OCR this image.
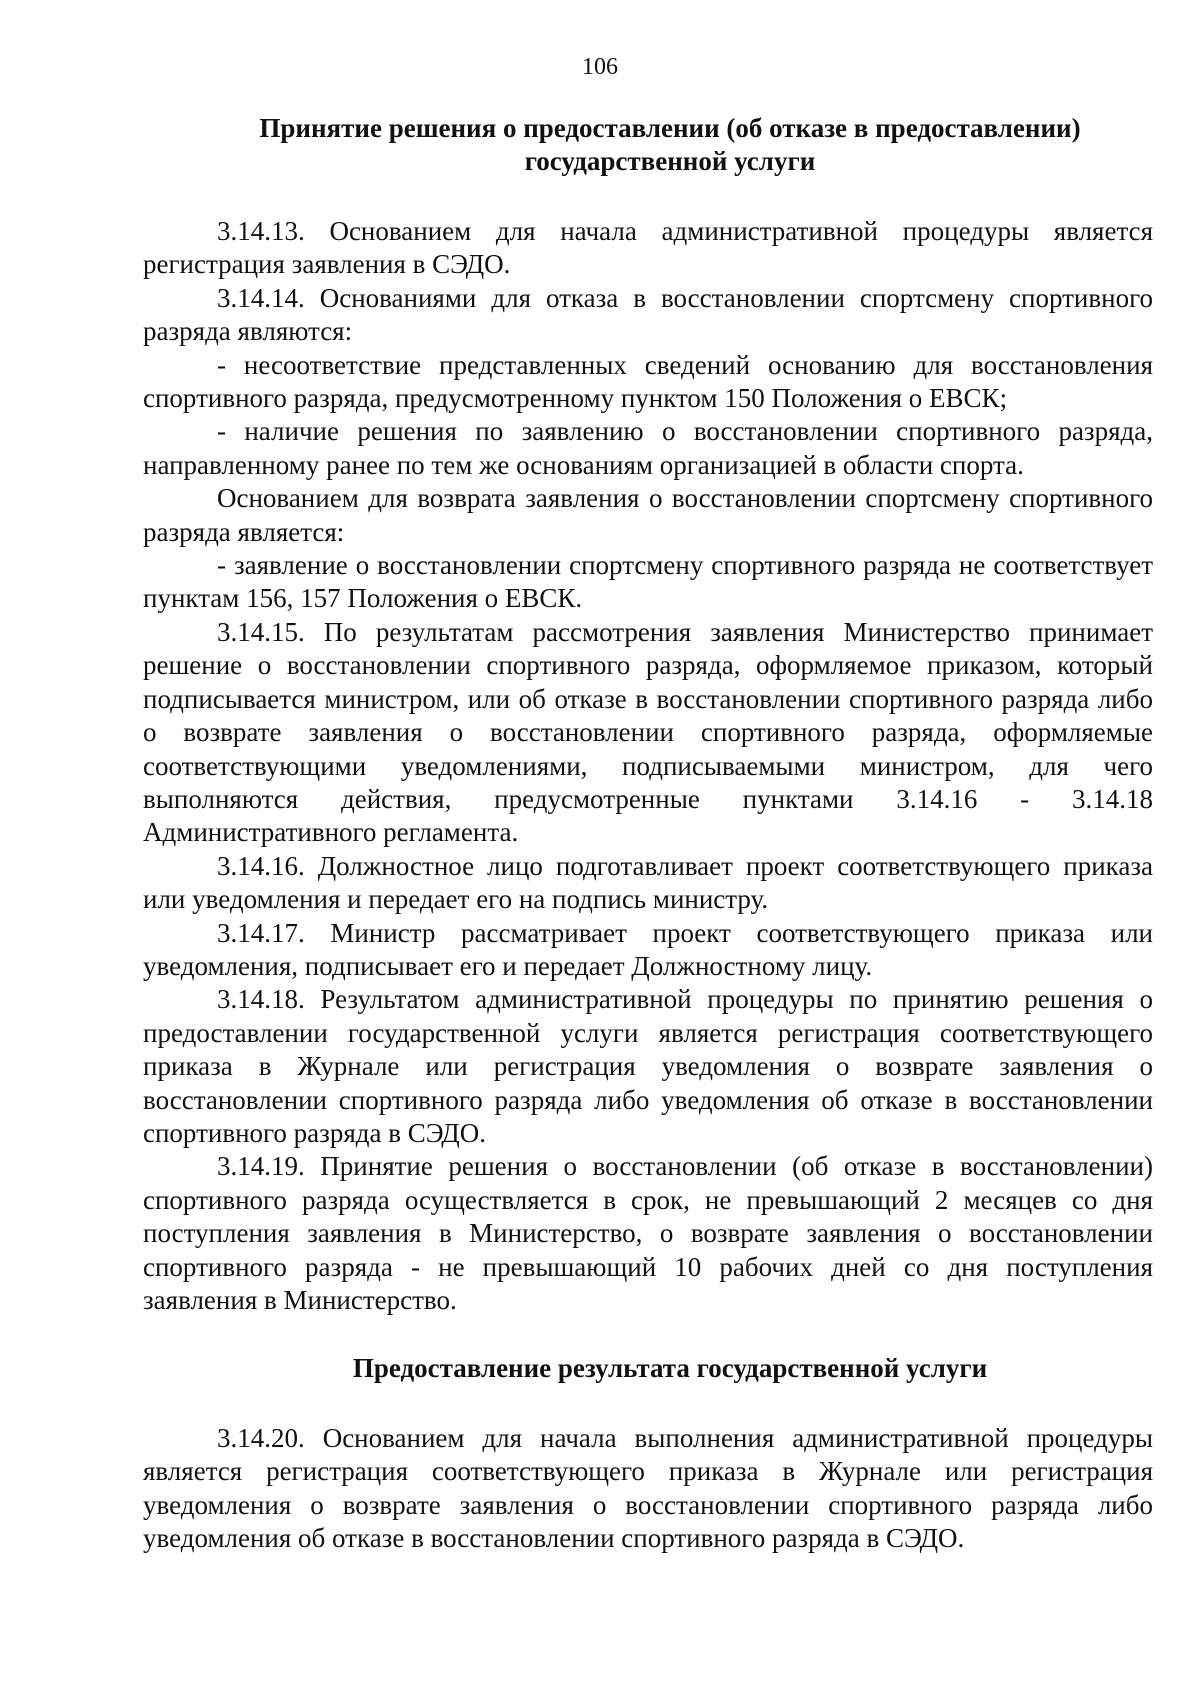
106
Принятие решения о предоставлении (об отказе в предоставлении) государственной услуги

3.14.13. Основанием для начала административной процедуры является регистрация заявления в СЭДО.

3.14.14. Основаниями для отказа в восстановлении спортсмену спортивного разряда являются:

- несоответствие представленных сведений основанию для восстановления спортивного разряда, предусмотренному пунктом 150 Положения о ЕВСК;

- наличие решения по заявлению о восстановлении спортивного разряда, направленному ранее по тем же основаниям организацией в области спорта.

Основанием для возврата заявления о восстановлении спортсмену спортивного разряда является:

- заявление о восстановлении спортсмену спортивного разряда не соответствует пунктам 156, 157 Положения о ЕВСК.

3.14.15. По результатам рассмотрения заявления Министерство принимает решение о восстановлении спортивного разряда, оформляемое приказом, который подписывается министром, или об отказе в восстановлении спортивного разряда либо о возврате заявления о восстановлении спортивного разряда, оформляемые соответствующими уведомлениями, подписываемыми министром, для чего выполняются действия, предусмотренные пунктами 3.14.16 - 3.14.18 Административного регламента.

3.14.16. Должностное лицо подготавливает проект соответствующего приказа или уведомления и передает его на подпись министру.

3.14.17. Министр рассматривает проект соответствующего приказа или уведомления, подписывает его и передает Должностному лицу.

3.14.18. Результатом административной процедуры по принятию решения о предоставлении государственной услуги является регистрация соответствующего приказа в Журнале или регистрация уведомления о возврате заявления о восстановлении спортивного разряда либо уведомления об отказе в восстановлении спортивного разряда в СЭДО.

3.14.19. Принятие решения о восстановлении (об отказе в восстановлении) спортивного разряда осуществляется в срок, не превышающий 2 месяцев со дня поступления заявления в Министерство, о возврате заявления о восстановлении спортивного разряда - не превышающий 10 рабочих дней со дня поступления заявления в Министерство.

Предоставление результата государственной услуги

3.14.20. Основанием для начала выполнения административной процедуры является регистрация соответствующего приказа в Журнале или регистрация уведомления о возврате заявления о восстановлении спортивного разряда либо уведомления об отказе в восстановлении спортивного разряда в СЭДО.
